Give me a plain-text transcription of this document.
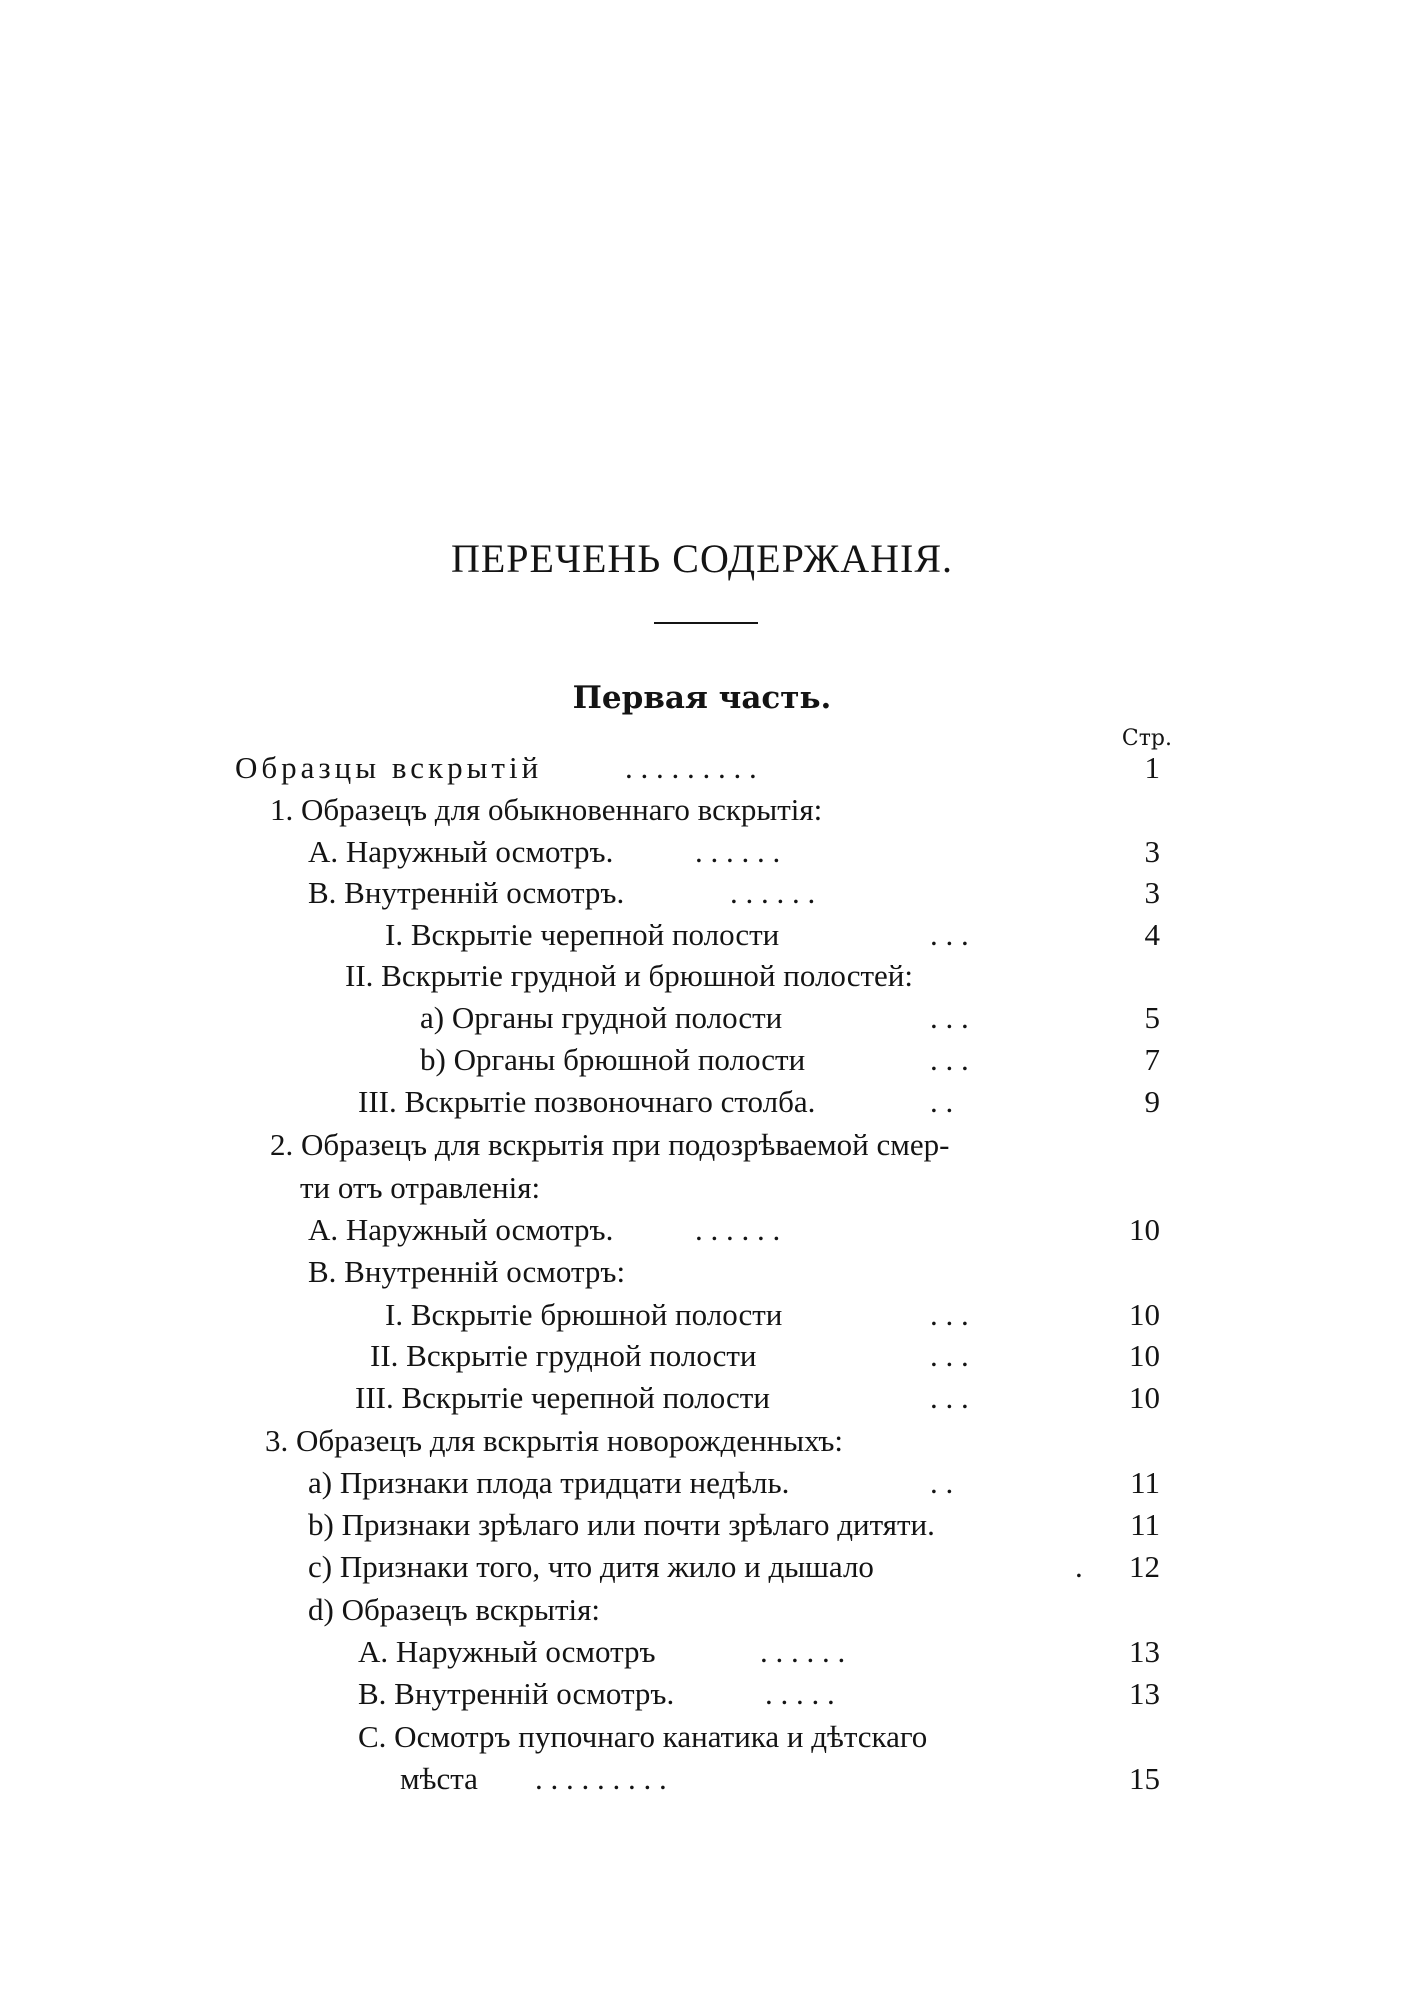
ПЕРЕЧЕНЬ СОДЕРЖАНІЯ.
Первая часть.
Стр.
Образцы вскрытій	. . . . . . . . .	1
1. Образецъ для обыкновеннаго вскрытія:
A. Наружный осмотръ.	. . . . . .	3
B. Внутренній осмотръ.	. . . . . .	3
I. Вскрытіе черепной полости	. . .	4
II. Вскрытіе грудной и брюшной полостей:
a) Органы грудной полости	. . .	5
b) Органы брюшной полости	. . .	7
III. Вскрытіе позвоночнаго столба.	. .	9
2. Образецъ для вскрытія при подозрѣваемой смер-
ти отъ отравленія:
A. Наружный осмотръ.	. . . . . .	10
B. Внутренній осмотръ:
I. Вскрытіе брюшной полости	. . .	10
II. Вскрытіе грудной полости	. . .	10
III. Вскрытіе черепной полости	. . .	10
3. Образецъ для вскрытія новорожденныхъ:
a) Признаки плода тридцати недѣль.	. .	11
b) Признаки зрѣлаго или почти зрѣлаго дитяти.	11
c) Признаки того, что дитя жило и дышало	.	12
d) Образецъ вскрытія:
A. Наружный осмотръ	. . . . . .	13
B. Внутренній осмотръ.	. . . . .	13
C. Осмотръ пупочнаго канатика и дѣтскаго
мѣста . . . . . . . . .	15
